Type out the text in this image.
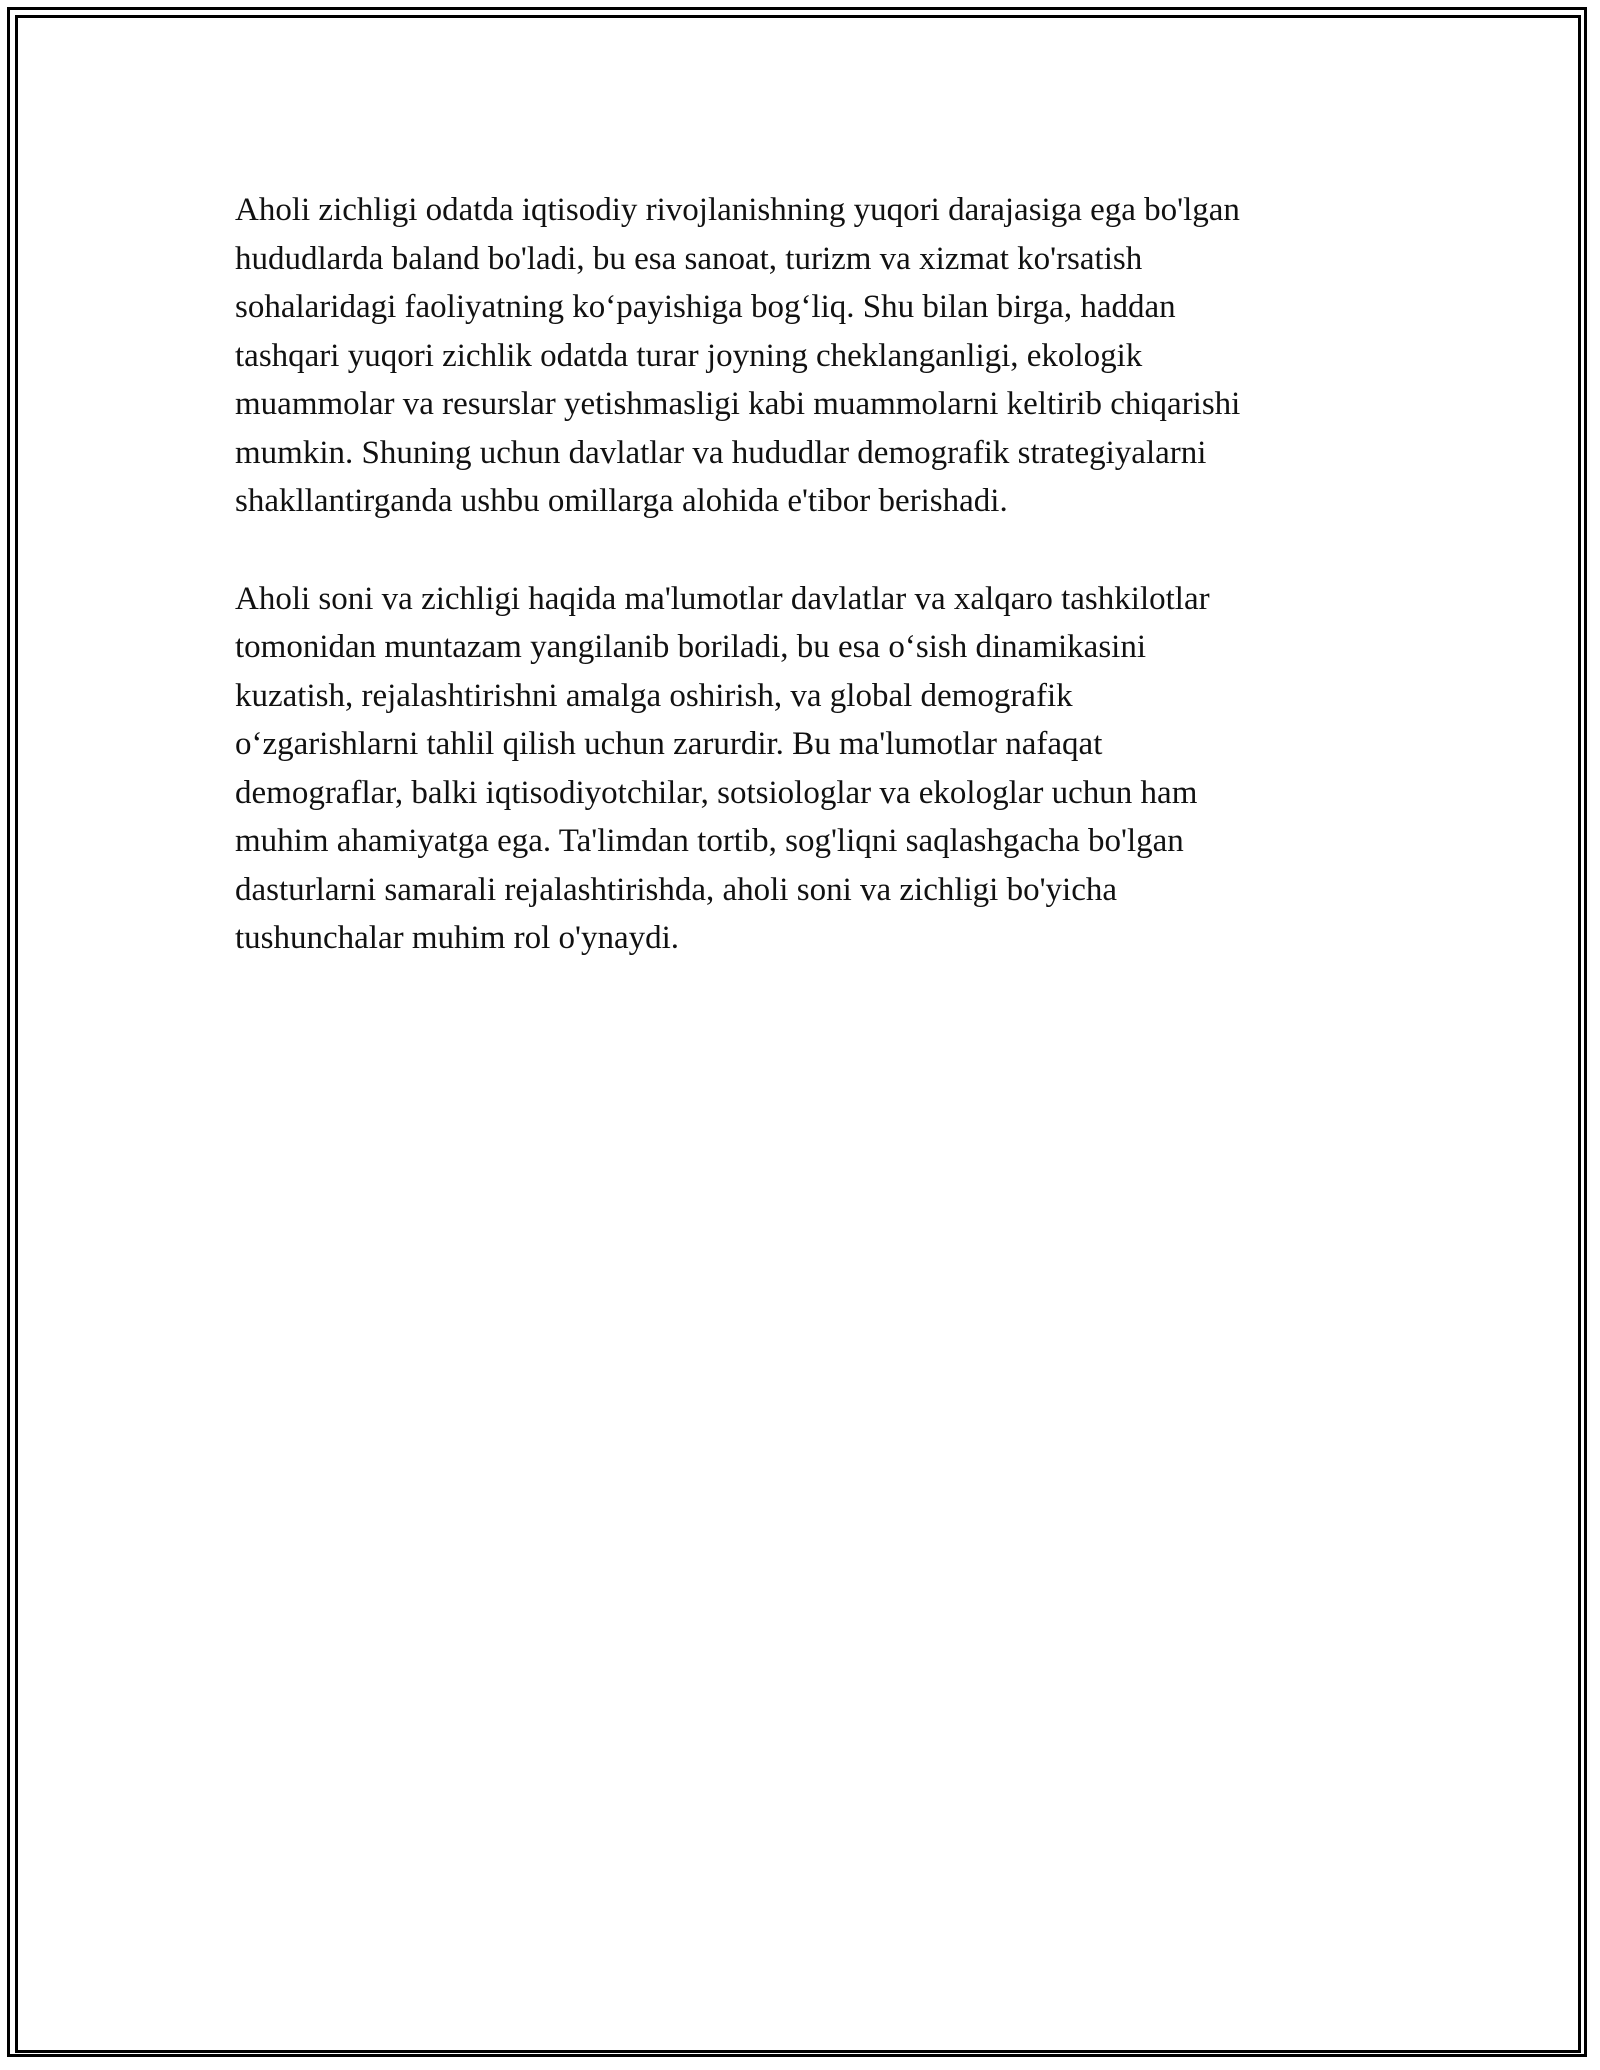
Aholi zichligi odatda iqtisodiy rivojlanishning yuqori darajasiga ega bo'lgan
hududlarda baland bo'ladi, bu esa sanoat, turizm va xizmat ko'rsatish
sohalaridagi faoliyatning koʻpayishiga bogʻliq. Shu bilan birga, haddan
tashqari yuqori zichlik odatda turar joyning cheklanganligi, ekologik
muammolar va resurslar yetishmasligi kabi muammolarni keltirib chiqarishi
mumkin. Shuning uchun davlatlar va hududlar demografik strategiyalarni
shakllantirganda ushbu omillarga alohida e'tibor berishadi.

Aholi soni va zichligi haqida ma'lumotlar davlatlar va xalqaro tashkilotlar
tomonidan muntazam yangilanib boriladi, bu esa oʻsish dinamikasini
kuzatish, rejalashtirishni amalga oshirish, va global demografik
oʻzgarishlarni tahlil qilish uchun zarurdir. Bu ma'lumotlar nafaqat
demograflar, balki iqtisodiyotchilar, sotsiologlar va ekologlar uchun ham
muhim ahamiyatga ega. Ta'limdan tortib, sog'liqni saqlashgacha bo'lgan
dasturlarni samarali rejalashtirishda, aholi soni va zichligi bo'yicha
tushunchalar muhim rol o'ynaydi.
